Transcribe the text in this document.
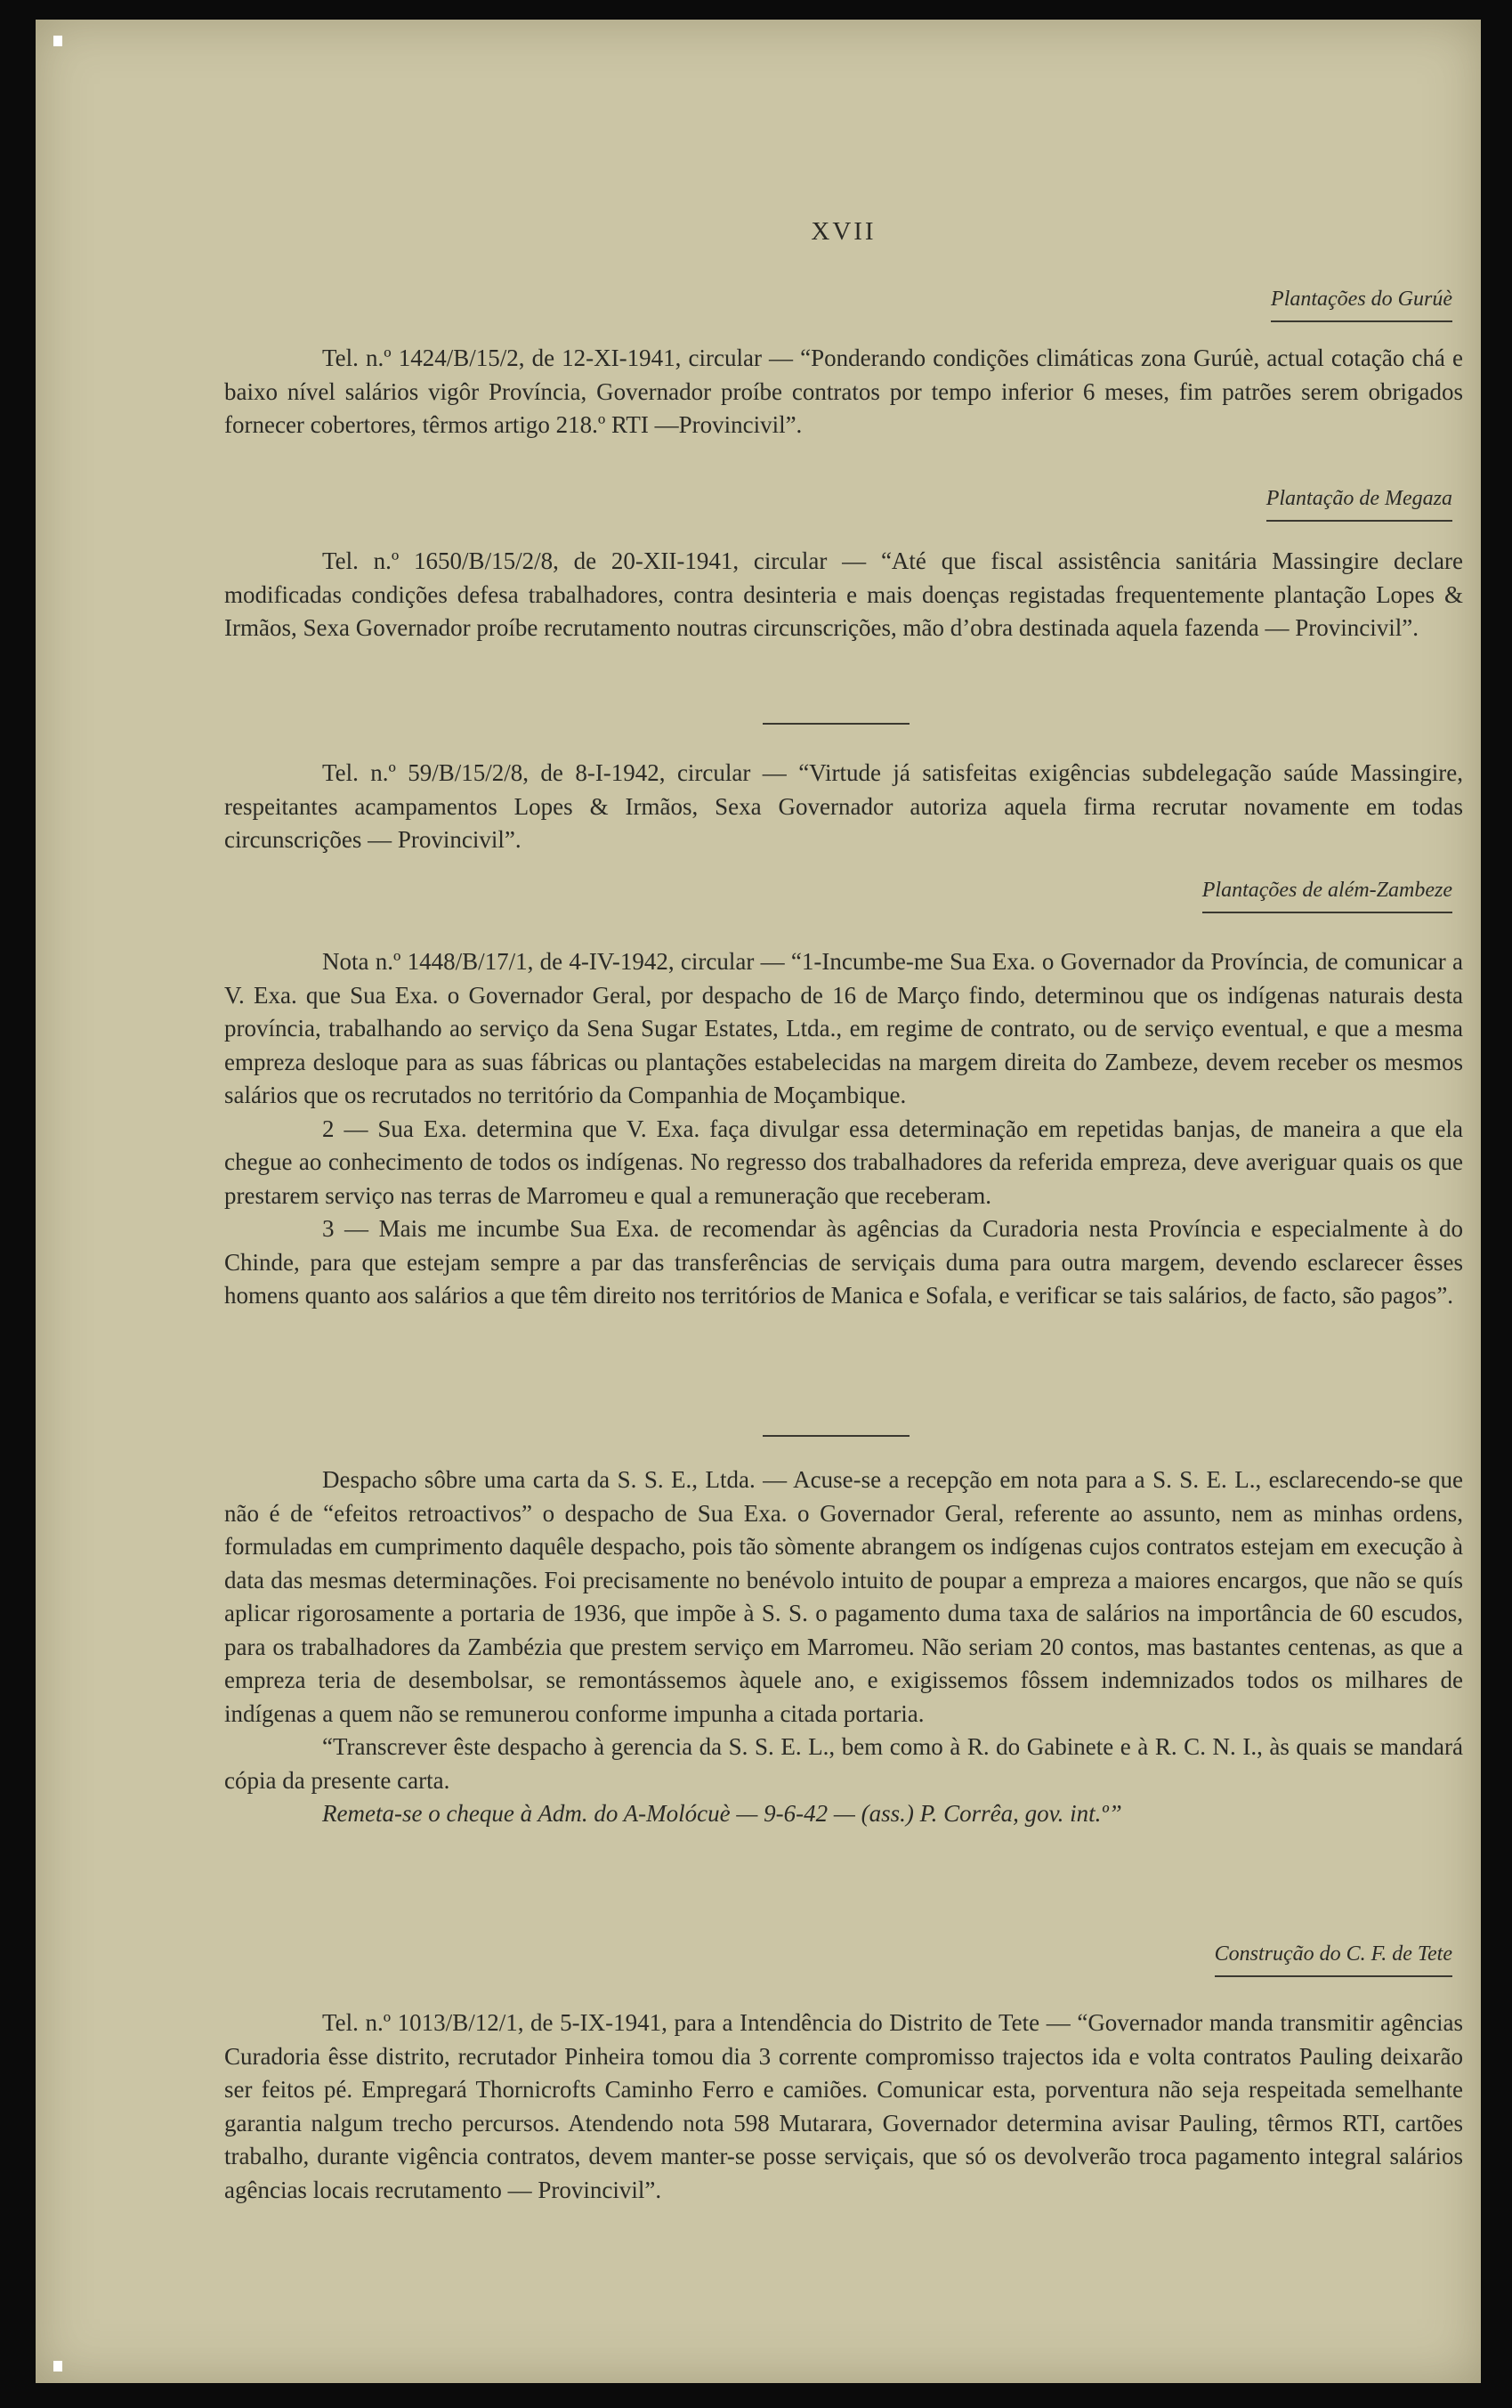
XVII
Plantações do Gurúè

Tel. n.º 1424/B/15/2, de 12-XI-1941, circular — “Ponderando condições climáticas zona Gurúè, actual cotação chá e baixo nível salários vigôr Província, Governador proíbe contratos por tempo inferior 6 meses, fim patrões serem obrigados fornecer cobertores, têrmos artigo 218.º RTI —Provincivil”.

Plantação de Megaza

Tel. n.º 1650/B/15/2/8, de 20-XII-1941, circular — “Até que fiscal assistência sanitária Massingire declare modificadas condições defesa trabalhadores, contra desinteria e mais doenças registadas frequentemente plantação Lopes & Irmãos, Sexa Governador proíbe recrutamento noutras circunscrições, mão d’obra destinada aquela fazenda — Provincivil”.

Tel. n.º 59/B/15/2/8, de 8-I-1942, circular — “Virtude já satisfeitas exigências subdelegação saúde Massingire, respeitantes acampamentos Lopes & Irmãos, Sexa Governador autoriza aquela firma recrutar novamente em todas circunscrições — Provincivil”.

Plantações de além-Zambeze

Nota n.º 1448/B/17/1, de 4-IV-1942, circular — “1-Incumbe-me Sua Exa. o Governador da Província, de comunicar a V. Exa. que Sua Exa. o Governador Geral, por despacho de 16 de Março findo, determinou que os indígenas naturais desta província, trabalhando ao serviço da Sena Sugar Estates, Ltda., em regime de contrato, ou de serviço eventual, e que a mesma empreza desloque para as suas fábricas ou plantações estabelecidas na margem direita do Zambeze, devem receber os mesmos salários que os recrutados no território da Companhia de Moçambique.

2 — Sua Exa. determina que V. Exa. faça divulgar essa determinação em repetidas banjas, de maneira a que ela chegue ao conhecimento de todos os indígenas. No regresso dos trabalhadores da referida empreza, deve averiguar quais os que prestarem serviço nas terras de Marromeu e qual a remuneração que receberam.

3 — Mais me incumbe Sua Exa. de recomendar às agências da Curadoria nesta Província e especialmente à do Chinde, para que estejam sempre a par das transferências de serviçais duma para outra margem, devendo esclarecer êsses homens quanto aos salários a que têm direito nos territórios de Manica e Sofala, e verificar se tais salários, de facto, são pagos”.

Despacho sôbre uma carta da S. S. E., Ltda. — Acuse-se a recepção em nota para a S. S. E. L., esclarecendo-se que não é de “efeitos retroactivos” o despacho de Sua Exa. o Governador Geral, referente ao assunto, nem as minhas ordens, formuladas em cumprimento daquêle despacho, pois tão sòmente abrangem os indígenas cujos contratos estejam em execução à data das mesmas determinações. Foi precisamente no benévolo intuito de poupar a empreza a maiores encargos, que não se quís aplicar rigorosamente a portaria de 1936, que impõe à S. S. o pagamento duma taxa de salários na importância de 60 escudos, para os trabalhadores da Zambézia que prestem serviço em Marromeu. Não seriam 20 contos, mas bastantes centenas, as que a empreza teria de desembolsar, se remontássemos àquele ano, e exigissemos fôssem indemnizados todos os milhares de indígenas a quem não se remunerou conforme impunha a citada portaria.

“Transcrever êste despacho à gerencia da S. S. E. L., bem como à R. do Gabinete e à R. C. N. I., às quais se mandará cópia da presente carta.

Remeta-se o cheque à Adm. do A-Molócuè — 9-6-42 — (ass.) P. Corrêa, gov. int.º”

Construção do C. F. de Tete

Tel. n.º 1013/B/12/1, de 5-IX-1941, para a Intendência do Distrito de Tete — “Governador manda transmitir agências Curadoria êsse distrito, recrutador Pinheira tomou dia 3 corrente compromisso trajectos ida e volta contratos Pauling deixarão ser feitos pé. Empregará Thornicrofts Caminho Ferro e camiões. Comunicar esta, porventura não seja respeitada semelhante garantia nalgum trecho percursos. Atendendo nota 598 Mutarara, Governador determina avisar Pauling, têrmos RTI, cartões trabalho, durante vigência contratos, devem manter-se posse serviçais, que só os devolverão troca pagamento integral salários agências locais recrutamento — Provincivil”.
